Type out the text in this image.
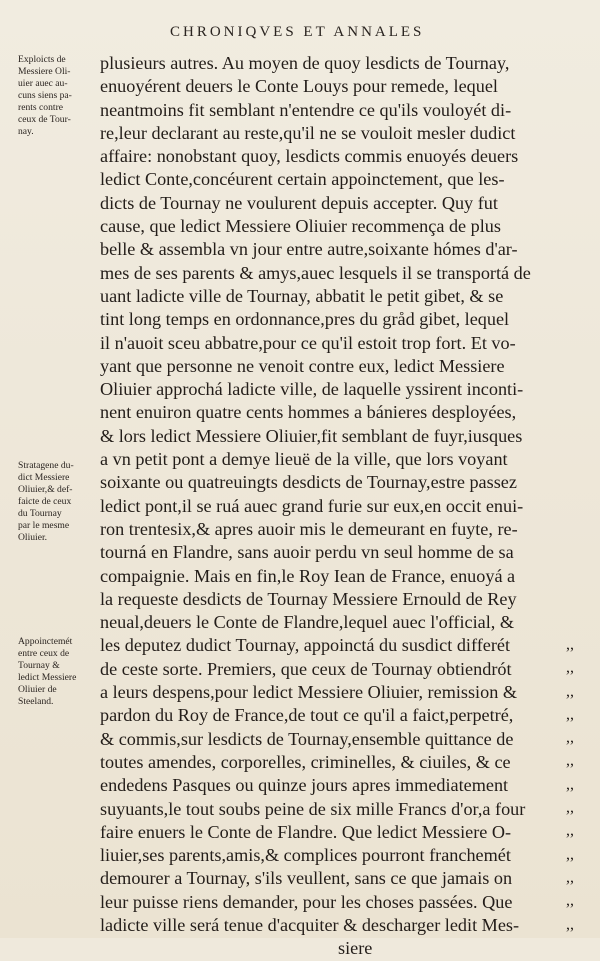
CHRONIQVES ET ANNALES
Exploicts de
Messiere Oli-
uier auec au-
cuns siens pa-
rents contre
ceux de Tour-
nay.
Stratagene du-
dict Messiere
Oliuier,& def-
faicte de ceux
du Tournay
par le mesme
Oliuier.
Appoinctemét
entre ceux de
Tournay &
ledict Messiere
Oliuier de
Steeland.
plusieurs autres. Au moyen de quoy lesdicts de Tournay,
enuoyérent deuers le Conte Louys pour remede, lequel
neantmoins fit semblant n'entendre ce qu'ils vouloyét di-
re,leur declarant au reste,qu'il ne se vouloit mesler dudict
affaire: nonobstant quoy, lesdicts commis enuoyés deuers
ledict Conte,concéurent certain appoinctement, que les-
dicts de Tournay ne voulurent depuis accepter. Quy fut
cause, que ledict Messiere Oliuier recommença de plus
belle & assembla vn jour entre autre,soixante hómes d'ar-
mes de ses parents & amys,auec lesquels il se transportá de
uant ladicte ville de Tournay, abbatit le petit gibet, & se
tint long temps en ordonnance,pres du gråd gibet, lequel
il n'auoit sceu abbatre,pour ce qu'il estoit trop fort. Et vo-
yant que personne ne venoit contre eux, ledict Messiere
Oliuier approchá ladicte ville, de laquelle yssirent inconti-
nent enuiron quatre cents hommes a bánieres desployées,
& lors ledict Messiere Oliuier,fit semblant de fuyr,iusques
a vn petit pont a demye lieuë de la ville, que lors voyant
soixante ou quatreuingts desdicts de Tournay,estre passez
ledict pont,il se ruá auec grand furie sur eux,en occit enui-
ron trentesix,& apres auoir mis le demeurant en fuyte, re-
tourná en Flandre, sans auoir perdu vn seul homme de sa
compaignie. Mais en fin,le Roy Iean de France, enuoyá a
la requeste desdicts de Tournay Messiere Ernould de Rey
neual,deuers le Conte de Flandre,lequel auec l'official, &
les deputez dudict Tournay, appoinctá du susdict differét
de ceste sorte. Premiers, que ceux de Tournay obtiendrót
a leurs despens,pour ledict Messiere Oliuier, remission &
pardon du Roy de France,de tout ce qu'il a faict,perpetré,
& commis,sur lesdicts de Tournay,ensemble quittance de
toutes amendes, corporelles, criminelles, & ciuiles, & ce
endedens Pasques ou quinze jours apres immediatement
suyuants,le tout soubs peine de six mille Francs d'or,a four
faire enuers le Conte de Flandre. Que ledict Messiere O-
liuier,ses parents,amis,& complices pourront franchemét
demourer a Tournay, s'ils veullent, sans ce que jamais on
leur puisse riens demander, pour les choses passées. Que
ladicte ville será tenue d'acquiter & descharger ledit Mes-
siere
,,
,,
,,
,,
,,
,,
,,
,,
,,
,,
,,
,,
,,
